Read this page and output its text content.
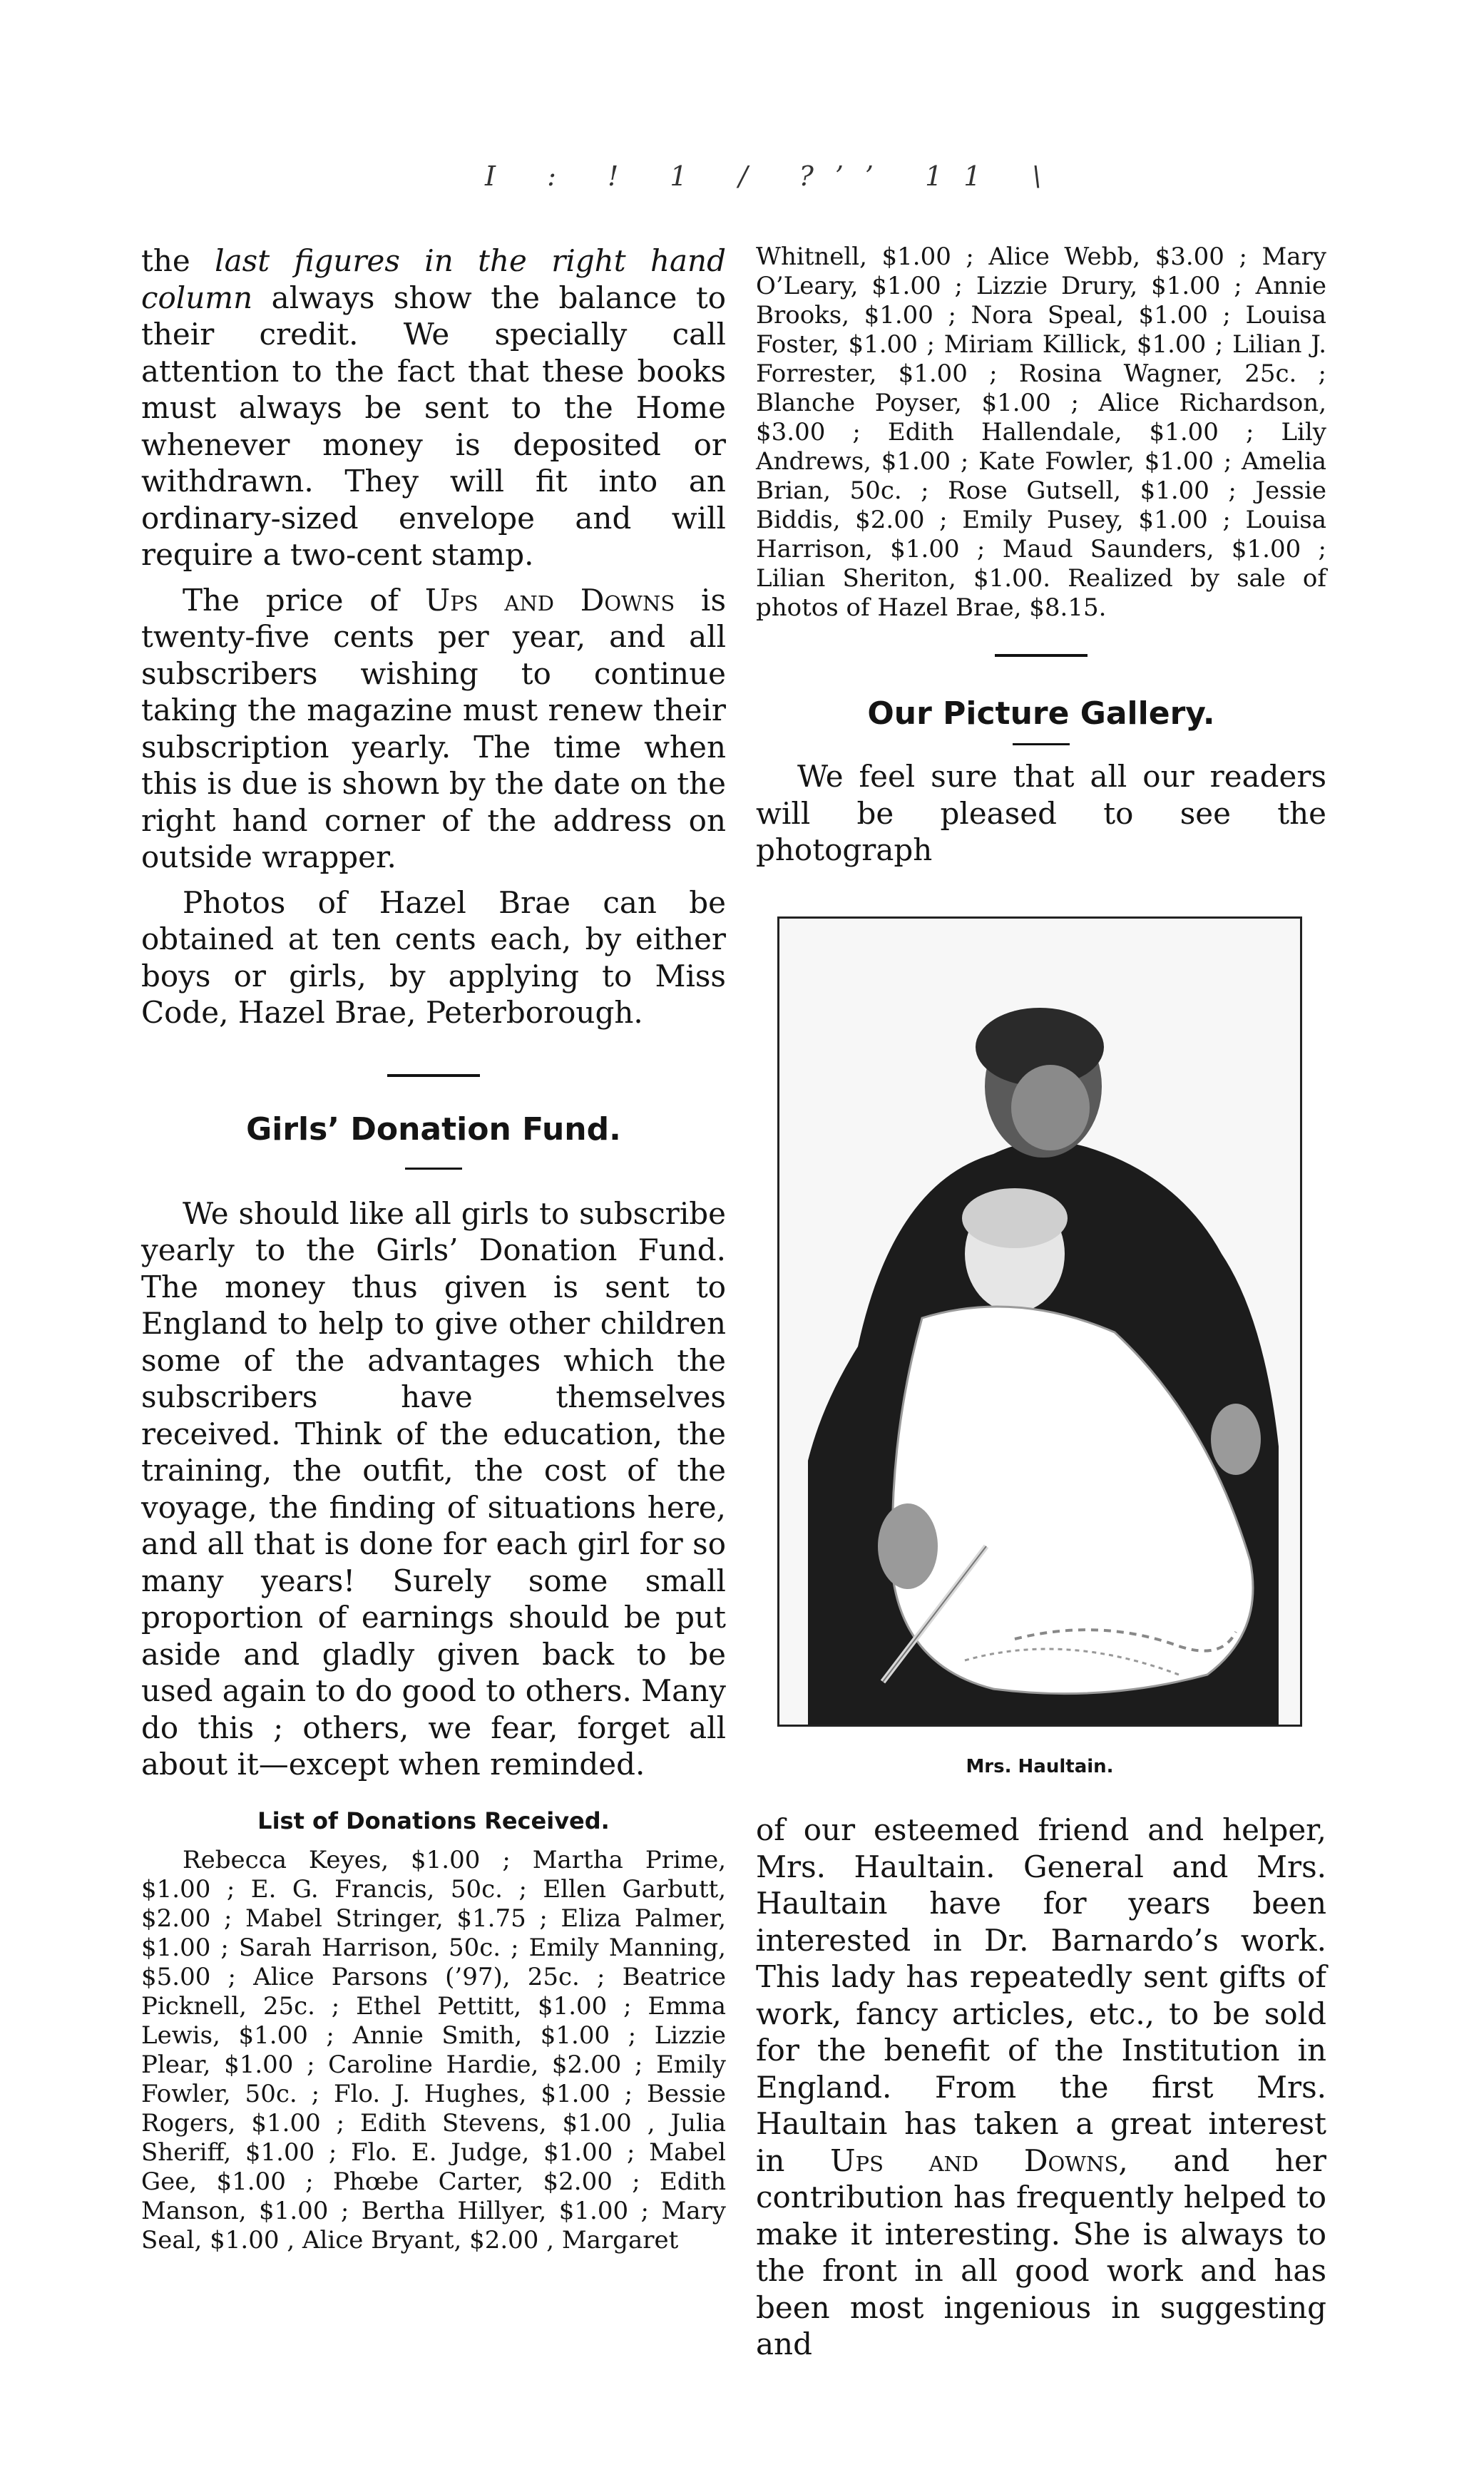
I : ! 1 / ?’’ 11 \

the last figures in the right hand column always show the balance to their credit. We specially call attention to the fact that these books must always be sent to the Home whenever money is deposited or withdrawn. They will fit into an ordinary-sized envelope and will require a two-cent stamp.

The price of Ups and Downs is twenty-five cents per year, and all subscribers wishing to continue taking the magazine must renew their subscription yearly. The time when this is due is shown by the date on the right hand corner of the address on outside wrapper.

Photos of Hazel Brae can be obtained at ten cents each, by either boys or girls, by applying to Miss Code, Hazel Brae, Peterborough.

Girls’ Donation Fund.

We should like all girls to subscribe yearly to the Girls’ Donation Fund. The money thus given is sent to England to help to give other children some of the advantages which the subscribers have themselves received. Think of the education, the training, the outfit, the cost of the voyage, the finding of situations here, and all that is done for each girl for so many years! Surely some small proportion of earnings should be put aside and gladly given back to be used again to do good to others. Many do this ; others, we fear, forget all about it—except when reminded.

List of Donations Received.

Rebecca Keyes, $1.00 ; Martha Prime, $1.00 ; E. G. Francis, 50c. ; Ellen Garbutt, $2.00 ; Mabel Stringer, $1.75 ; Eliza Palmer, $1.00 ; Sarah Harrison, 50c. ; Emily Manning, $5.00 ; Alice Parsons (’97), 25c. ; Beatrice Picknell, 25c. ; Ethel Pettitt, $1.00 ; Emma Lewis, $1.00 ; Annie Smith, $1.00 ; Lizzie Plear, $1.00 ; Caroline Hardie, $2.00 ; Emily Fowler, 50c. ; Flo. J. Hughes, $1.00 ; Bessie Rogers, $1.00 ; Edith Stevens, $1.00 , Julia Sheriff, $1.00 ; Flo. E. Judge, $1.00 ; Mabel Gee, $1.00 ; Phœbe Carter, $2.00 ; Edith Manson, $1.00 ; Bertha Hillyer, $1.00 ; Mary Seal, $1.00 , Alice Bryant, $2.00 , Margaret

Whitnell, $1.00 ; Alice Webb, $3.00 ; Mary O’Leary, $1.00 ; Lizzie Drury, $1.00 ; Annie Brooks, $1.00 ; Nora Speal, $1.00 ; Louisa Foster, $1.00 ; Miriam Killick, $1.00 ; Lilian J. Forrester, $1.00 ; Rosina Wagner, 25c. ; Blanche Poyser, $1.00 ; Alice Richardson, $3.00 ; Edith Hallendale, $1.00 ; Lily Andrews, $1.00 ; Kate Fowler, $1.00 ; Amelia Brian, 50c. ; Rose Gutsell, $1.00 ; Jessie Biddis, $2.00 ; Emily Pusey, $1.00 ; Louisa Harrison, $1.00 ; Maud Saunders, $1.00 ; Lilian Sheriton, $1.00. Realized by sale of photos of Hazel Brae, $8.15.

Our Picture Gallery.

We feel sure that all our readers will be pleased to see the photograph

Mrs. Haultain.

of our esteemed friend and helper, Mrs. Haultain. General and Mrs. Haultain have for years been interested in Dr. Barnardo’s work. This lady has repeatedly sent gifts of work, fancy articles, etc., to be sold for the benefit of the Institution in England. From the first Mrs. Haultain has taken a great interest in Ups and Downs, and her contribution has frequently helped to make it interesting. She is always to the front in all good work and has been most ingenious in suggesting and
